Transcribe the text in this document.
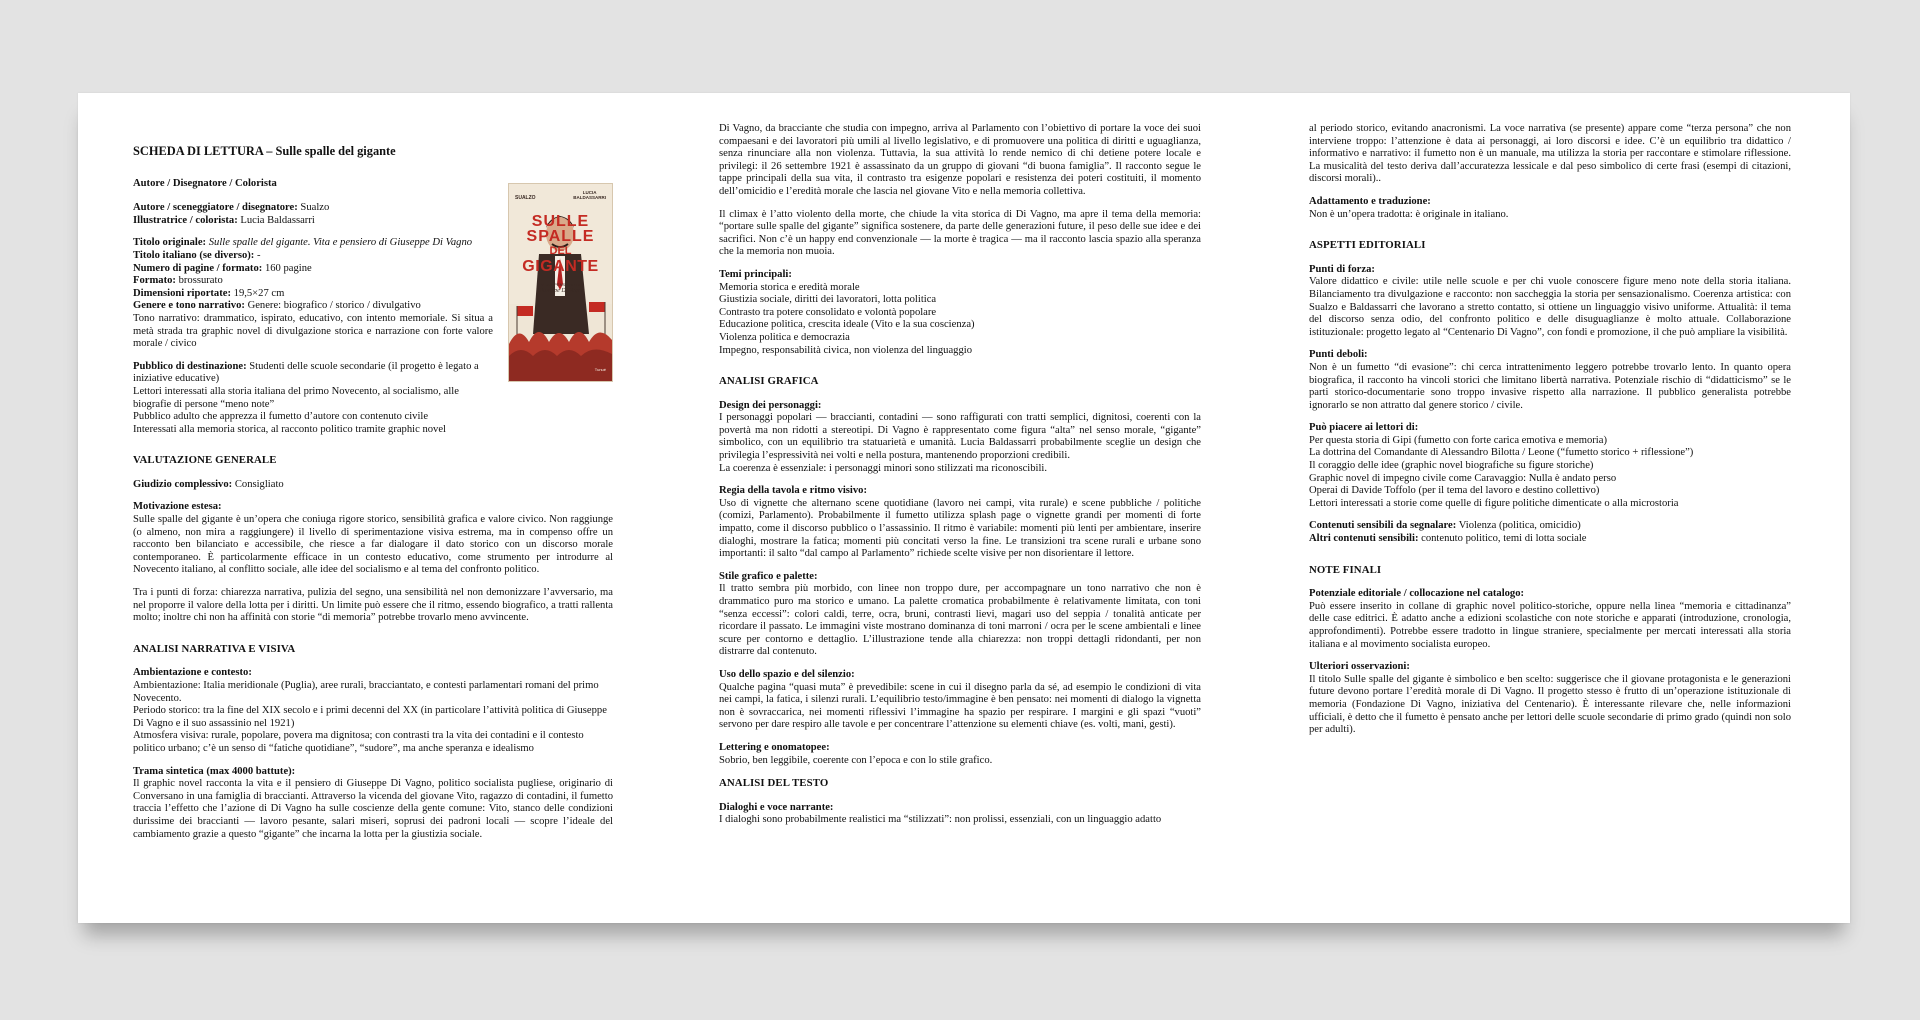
SCHEDA DI LETTURA – Sulle spalle del gigante
SUALZO
LUCIA
BALDASSARRI
SULLE
SPALLE
DEL
GIGANTE
VITA E PENSIERO DI
Giuseppe Di Vagno
Tunué

Autore / Disegnatore / Colorista

Autore / sceneggiatore / disegnatore: Sualzo
Illustratrice / colorista: Lucia Baldassarri
Titolo originale: Sulle spalle del gigante. Vita e pensiero di Giuseppe Di Vagno
Titolo italiano (se diverso): -
Numero di pagine / formato: 160 pagine
Formato: brossurato
Dimensioni riportate: 19,5×27 cm
Genere e tono narrativo: Genere: biografico / storico / divulgativo
Tono narrativo: drammatico, ispirato, educativo, con intento memoriale. Si situa a metà strada tra graphic novel di divulgazione storica e narrazione con forte valore morale / civico
Pubblico di destinazione: Studenti delle scuole secondarie (il progetto è legato a iniziative educative)
Lettori interessati alla storia italiana del primo Novecento, al socialismo, alle biografie di persone “meno note”
Pubblico adulto che apprezza il fumetto d’autore con contenuto civile
Interessati alla memoria storica, al racconto politico tramite graphic novel
VALUTAZIONE GENERALE

Giudizio complessivo: Consigliato

Motivazione estesa:

Sulle spalle del gigante è un’opera che coniuga rigore storico, sensibilità grafica e valore civico. Non raggiunge (o almeno, non mira a raggiungere) il livello di sperimentazione visiva estrema, ma in compenso offre un racconto ben bilanciato e accessibile, che riesce a far dialogare il dato storico con un discorso morale contemporaneo. È particolarmente efficace in un contesto educativo, come strumento per introdurre al Novecento italiano, al conflitto sociale, alle idee del socialismo e al tema del confronto politico.

Tra i punti di forza: chiarezza narrativa, pulizia del segno, una sensibilità nel non demonizzare l’avversario, ma nel proporre il valore della lotta per i diritti. Un limite può essere che il ritmo, essendo biografico, a tratti rallenta molto; inoltre chi non ha affinità con storie “di memoria” potrebbe trovarlo meno avvincente.

ANALISI NARRATIVA E VISIVA

Ambientazione e contesto:

Ambientazione: Italia meridionale (Puglia), aree rurali, bracciantato, e contesti parlamentari romani del primo Novecento.
Periodo storico: tra la fine del XIX secolo e i primi decenni del XX (in particolare l’attività politica di Giuseppe Di Vagno e il suo assassinio nel 1921)
Atmosfera visiva: rurale, popolare, povera ma dignitosa; con contrasti tra la vita dei contadini e il contesto politico urbano; c’è un senso di “fatiche quotidiane”, “sudore”, ma anche speranza e idealismo

Trama sintetica (max 4000 battute):

Il graphic novel racconta la vita e il pensiero di Giuseppe Di Vagno, politico socialista pugliese, originario di Conversano in una famiglia di braccianti. Attraverso la vicenda del giovane Vito, ragazzo di contadini, il fumetto traccia l’effetto che l’azione di Di Vagno ha sulle coscienze della gente comune: Vito, stanco delle condizioni durissime dei braccianti — lavoro pesante, salari miseri, soprusi dei padroni locali — scopre l’ideale del cambiamento grazie a questo “gigante” che incarna la lotta per la giustizia sociale.

Di Vagno, da bracciante che studia con impegno, arriva al Parlamento con l’obiettivo di portare la voce dei suoi compaesani e dei lavoratori più umili al livello legislativo, e di promuovere una politica di diritti e uguaglianza, senza rinunciare alla non violenza. Tuttavia, la sua attività lo rende nemico di chi detiene potere locale e privilegi: il 26 settembre 1921 è assassinato da un gruppo di giovani “di buona famiglia”. Il racconto segue le tappe principali della sua vita, il contrasto tra esigenze popolari e resistenza dei poteri costituiti, il momento dell’omicidio e l’eredità morale che lascia nel giovane Vito e nella memoria collettiva.

Il climax è l’atto violento della morte, che chiude la vita storica di Di Vagno, ma apre il tema della memoria: “portare sulle spalle del gigante” significa sostenere, da parte delle generazioni future, il peso delle sue idee e dei sacrifici. Non c’è un happy end convenzionale — la morte è tragica — ma il racconto lascia spazio alla speranza che la memoria non muoia.

Temi principali:

Memoria storica e eredità morale
Giustizia sociale, diritti dei lavoratori, lotta politica
Contrasto tra potere consolidato e volontà popolare
Educazione politica, crescita ideale (Vito e la sua coscienza)
Violenza politica e democrazia
Impegno, responsabilità civica, non violenza del linguaggio
ANALISI GRAFICA

Design dei personaggi:

I personaggi popolari — braccianti, contadini — sono raffigurati con tratti semplici, dignitosi, coerenti con la povertà ma non ridotti a stereotipi. Di Vagno è rappresentato come figura “alta” nel senso morale, “gigante” simbolico, con un equilibrio tra statuarietà e umanità. Lucia Baldassarri probabilmente sceglie un design che privilegia l’espressività nei volti e nella postura, mantenendo proporzioni credibili.
La coerenza è essenziale: i personaggi minori sono stilizzati ma riconoscibili.

Regia della tavola e ritmo visivo:

Uso di vignette che alternano scene quotidiane (lavoro nei campi, vita rurale) e scene pubbliche / politiche (comizi, Parlamento). Probabilmente il fumetto utilizza splash page o vignette grandi per momenti di forte impatto, come il discorso pubblico o l’assassinio. Il ritmo è variabile: momenti più lenti per ambientare, inserire dialoghi, mostrare la fatica; momenti più concitati verso la fine. Le transizioni tra scene rurali e urbane sono importanti: il salto “dal campo al Parlamento” richiede scelte visive per non disorientare il lettore.

Stile grafico e palette:

Il tratto sembra più morbido, con linee non troppo dure, per accompagnare un tono narrativo che non è drammatico puro ma storico e umano. La palette cromatica probabilmente è relativamente limitata, con toni “senza eccessi”: colori caldi, terre, ocra, bruni, contrasti lievi, magari uso del seppia / tonalità anticate per ricordare il passato. Le immagini viste mostrano dominanza di toni marroni / ocra per le scene ambientali e linee scure per contorno e dettaglio. L’illustrazione tende alla chiarezza: non troppi dettagli ridondanti, per non distrarre dal contenuto.

Uso dello spazio e del silenzio:

Qualche pagina “quasi muta” è prevedibile: scene in cui il disegno parla da sé, ad esempio le condizioni di vita nei campi, la fatica, i silenzi rurali. L’equilibrio testo/immagine è ben pensato: nei momenti di dialogo la vignetta non è sovraccarica, nei momenti riflessivi l’immagine ha spazio per respirare. I margini e gli spazi “vuoti” servono per dare respiro alle tavole e per concentrare l’attenzione su elementi chiave (es. volti, mani, gesti).

Lettering e onomatopee:

Sobrio, ben leggibile, coerente con l’epoca e con lo stile grafico.

ANALISI DEL TESTO

Dialoghi e voce narrante:

I dialoghi sono probabilmente realistici ma “stilizzati”: non prolissi, essenziali, con un linguaggio adatto

al periodo storico, evitando anacronismi. La voce narrativa (se presente) appare come “terza persona” che non interviene troppo: l’attenzione è data ai personaggi, ai loro discorsi e idee. C’è un equilibrio tra didattico / informativo e narrativo: il fumetto non è un manuale, ma utilizza la storia per raccontare e stimolare riflessione. La musicalità del testo deriva dall’accuratezza lessicale e dal peso simbolico di certe frasi (esempi di citazioni, discorsi morali)..

Adattamento e traduzione:

Non è un’opera tradotta: è originale in italiano.

ASPETTI EDITORIALI

Punti di forza:

Valore didattico e civile: utile nelle scuole e per chi vuole conoscere figure meno note della storia italiana. Bilanciamento tra divulgazione e racconto: non saccheggia la storia per sensazionalismo. Coerenza artistica: con Sualzo e Baldassarri che lavorano a stretto contatto, si ottiene un linguaggio visivo uniforme. Attualità: il tema del discorso senza odio, del confronto politico e delle disuguaglianze è molto attuale. Collaborazione istituzionale: progetto legato al “Centenario Di Vagno”, con fondi e promozione, il che può ampliare la visibilità.

Punti deboli:

Non è un fumetto “di evasione”: chi cerca intrattenimento leggero potrebbe trovarlo lento. In quanto opera biografica, il racconto ha vincoli storici che limitano libertà narrativa. Potenziale rischio di “didatticismo” se le parti storico-documentarie sono troppo invasive rispetto alla narrazione. Il pubblico generalista potrebbe ignorarlo se non attratto dal genere storico / civile.

Può piacere ai lettori di:

Per questa storia di Gipi (fumetto con forte carica emotiva e memoria)
La dottrina del Comandante di Alessandro Bilotta / Leone (“fumetto storico + riflessione”)
Il coraggio delle idee (graphic novel biografiche su figure storiche)
Graphic novel di impegno civile come Caravaggio: Nulla è andato perso
Operai di Davide Toffolo (per il tema del lavoro e destino collettivo)
Lettori interessati a storie come quelle di figure politiche dimenticate o alla microstoria
Contenuti sensibili da segnalare: Violenza (politica, omicidio)
Altri contenuti sensibili: contenuto politico, temi di lotta sociale
NOTE FINALI

Potenziale editoriale / collocazione nel catalogo:

Può essere inserito in collane di graphic novel politico-storiche, oppure nella linea “memoria e cittadinanza” delle case editrici. È adatto anche a edizioni scolastiche con note storiche e apparati (introduzione, cronologia, approfondimenti). Potrebbe essere tradotto in lingue straniere, specialmente per mercati interessati alla storia italiana e al movimento socialista europeo.

Ulteriori osservazioni:

Il titolo Sulle spalle del gigante è simbolico e ben scelto: suggerisce che il giovane protagonista e le generazioni future devono portare l’eredità morale di Di Vagno. Il progetto stesso è frutto di un’operazione istituzionale di memoria (Fondazione Di Vagno, iniziativa del Centenario). È interessante rilevare che, nelle informazioni ufficiali, è detto che il fumetto è pensato anche per lettori delle scuole secondarie di primo grado (quindi non solo per adulti).
